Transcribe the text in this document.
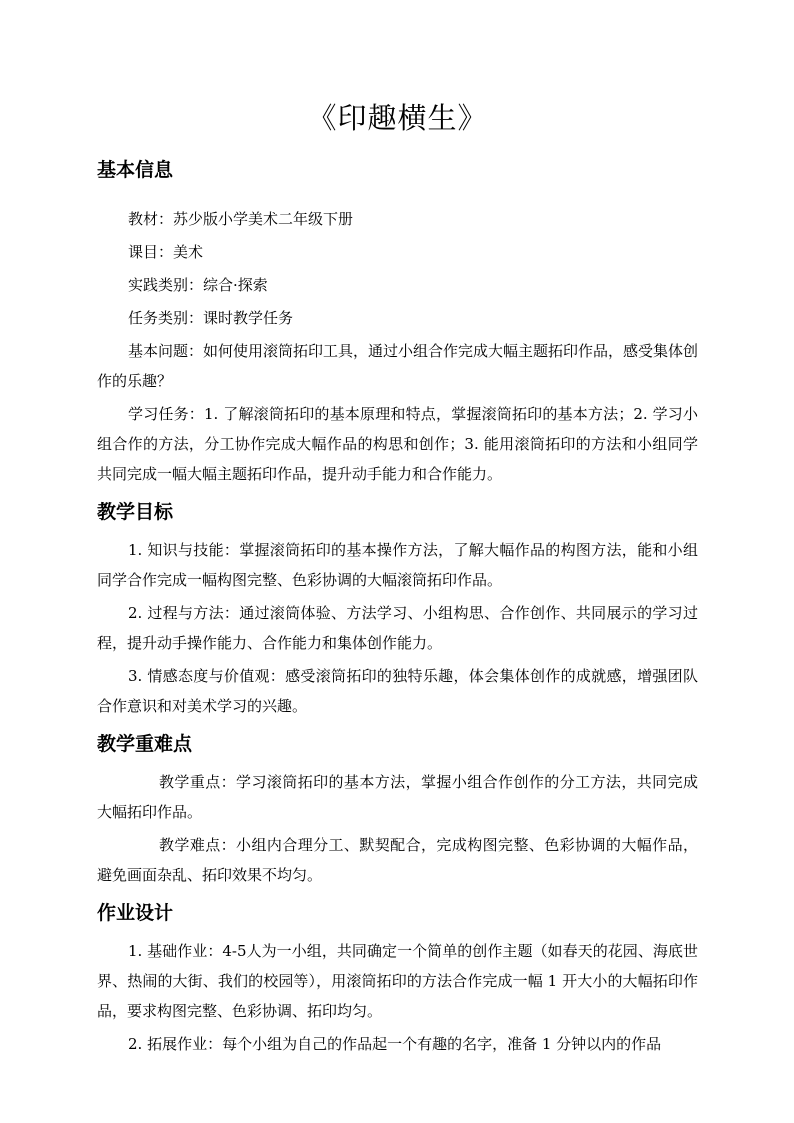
《印趣横生》
基本信息

教材：苏少版小学美术二年级下册

课目：美术

实践类别：综合·探索

任务类别：课时教学任务

基本问题：如何使用滚筒拓印工具，通过小组合作完成大幅主题拓印作品，感受集体创作的乐趣？

学习任务：1. 了解滚筒拓印的基本原理和特点，掌握滚筒拓印的基本方法；2. 学习小组合作的方法，分工协作完成大幅作品的构思和创作；3. 能用滚筒拓印的方法和小组同学共同完成一幅大幅主题拓印作品，提升动手能力和合作能力。

教学目标

1. 知识与技能：掌握滚筒拓印的基本操作方法，了解大幅作品的构图方法，能和小组同学合作完成一幅构图完整、色彩协调的大幅滚筒拓印作品。

2. 过程与方法：通过滚筒体验、方法学习、小组构思、合作创作、共同展示的学习过程，提升动手操作能力、合作能力和集体创作能力。

3. 情感态度与价值观：感受滚筒拓印的独特乐趣，体会集体创作的成就感，增强团队合作意识和对美术学习的兴趣。

教学重难点

教学重点：学习滚筒拓印的基本方法，掌握小组合作创作的分工方法，共同完成大幅拓印作品。

教学难点：小组内合理分工、默契配合，完成构图完整、色彩协调的大幅作品，避免画面杂乱、拓印效果不均匀。

作业设计

1. 基础作业：4-5人为一小组，共同确定一个简单的创作主题（如春天的花园、海底世界、热闹的大街、我们的校园等），用滚筒拓印的方法合作完成一幅 1 开大小的大幅拓印作品，要求构图完整、色彩协调、拓印均匀。

2. 拓展作业：每个小组为自己的作品起一个有趣的名字，准备 1 分钟以内的作品
